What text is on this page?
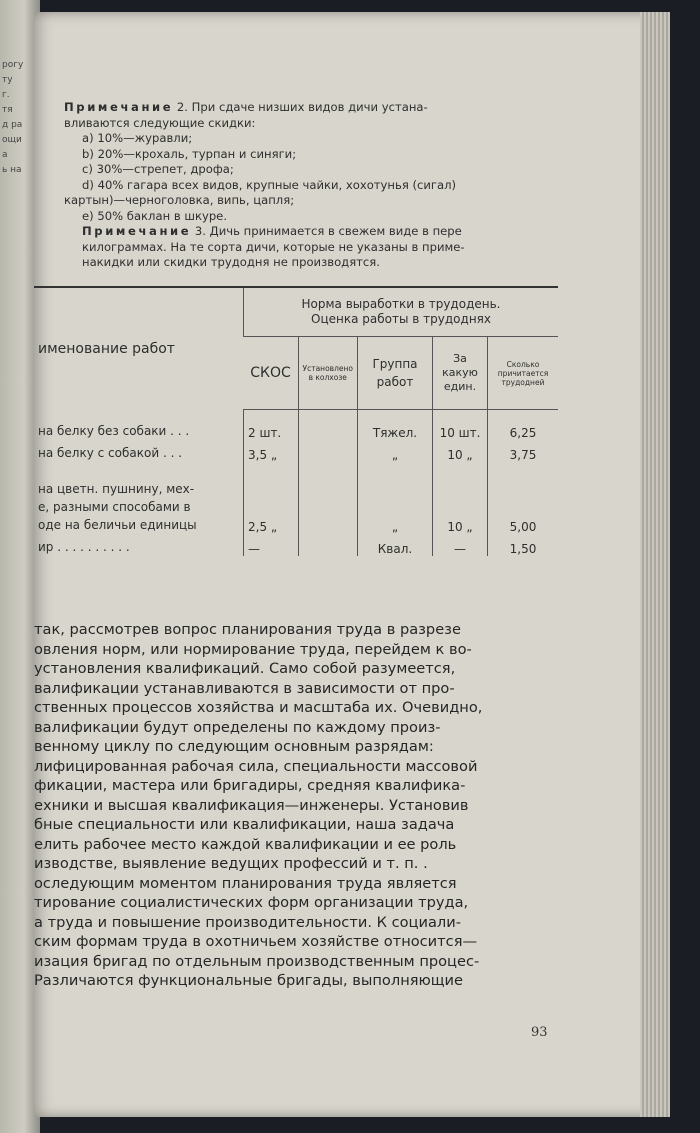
рогу
ту
г.
тя
д ра
ощи
а
ь на
Примечание 2. При сдаче низших видов дичи устана-
вливаются следующие скидки:
a) 10%—журавли;
b) 20%—крохаль, турпан и синяги;
c) 30%—стрепет, дрофа;
d) 40% гагара всех видов, крупные чайки, хохотунья (сигал)
картын)—черноголовка, випь, цапля;
e) 50% баклан в шкуре.
Примечание 3. Дичь принимается в свежем виде в пере
килограммах. На те сорта дичи, которые не указаны в приме-
накидки или скидки трудодня не производятся.
именование работ	Норма выработки в трудодень.
Оценка работы в трудоднях				

	СКОС	Установлено в колхозе	Группа работ	За какую един.	Сколько причитается трудодней

на белку без собаки . . .	2 шт.		Тяжел.	10 шт.	6,25

на белку с собакой . . .	3,5 „		„	10 „	3,75

на цветн. пушнину, мех-
е, разными способами в
оде на беличьи единицы	2,5 „		„	10 „	5,00

ир . . . . . . . . . .	—		Квал.	—	1,50
так, рассмотрев вопрос планирования труда в разрезе
овления норм, или нормирование труда, перейдем к во-
установления квалификаций. Само собой разумеется,
валификации устанавливаются в зависимости от про-
ственных процессов хозяйства и масштаба их. Очевидно,
валификации будут определены по каждому произ-
венному циклу по следующим основным разрядам:
лифицированная рабочая сила, специальности массовой
фикации, мастера или бригадиры, средняя квалифика-
ехники и высшая квалификация—инженеры. Установив
бные специальности или квалификации, наша задача
елить рабочее место каждой квалификации и ее роль
изводстве, выявление ведущих профессий и т. п. .
оследующим моментом планирования труда является
тирование социалистических форм организации труда,
а труда и повышение производительности. К социали-
ским формам труда в охотничьем хозяйстве относится—
изация бригад по отдельным производственным процес-
Различаются функциональные бригады, выполняющие
93
